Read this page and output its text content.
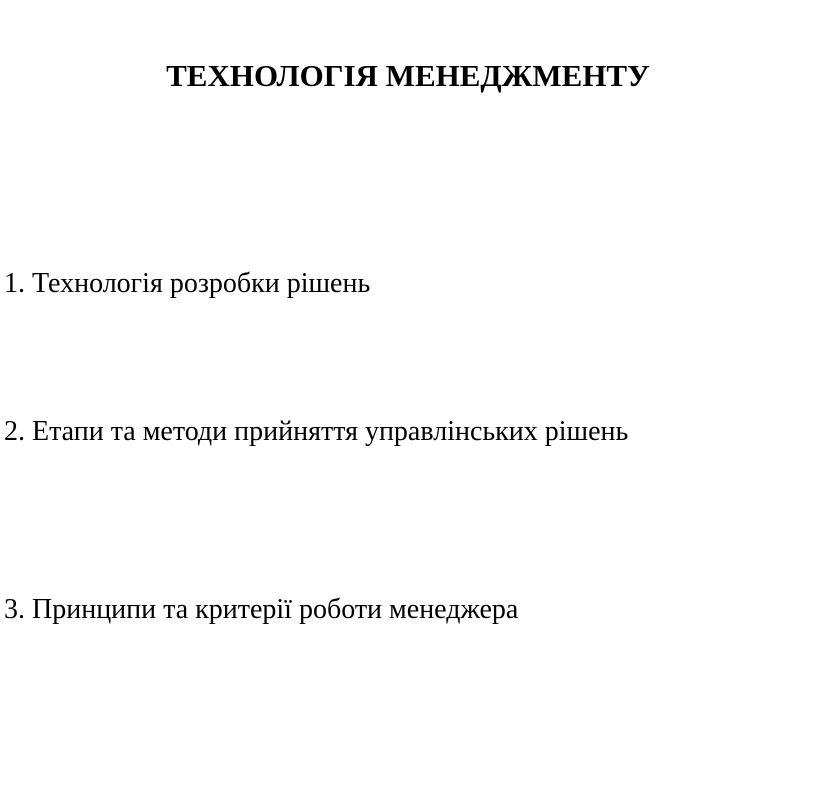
ТЕХНОЛОГІЯ МЕНЕДЖМЕНТУ
1. Технологія розробки рішень
2. Етапи та методи прийняття управлінських рішень
3. Принципи та критерії роботи менеджера
